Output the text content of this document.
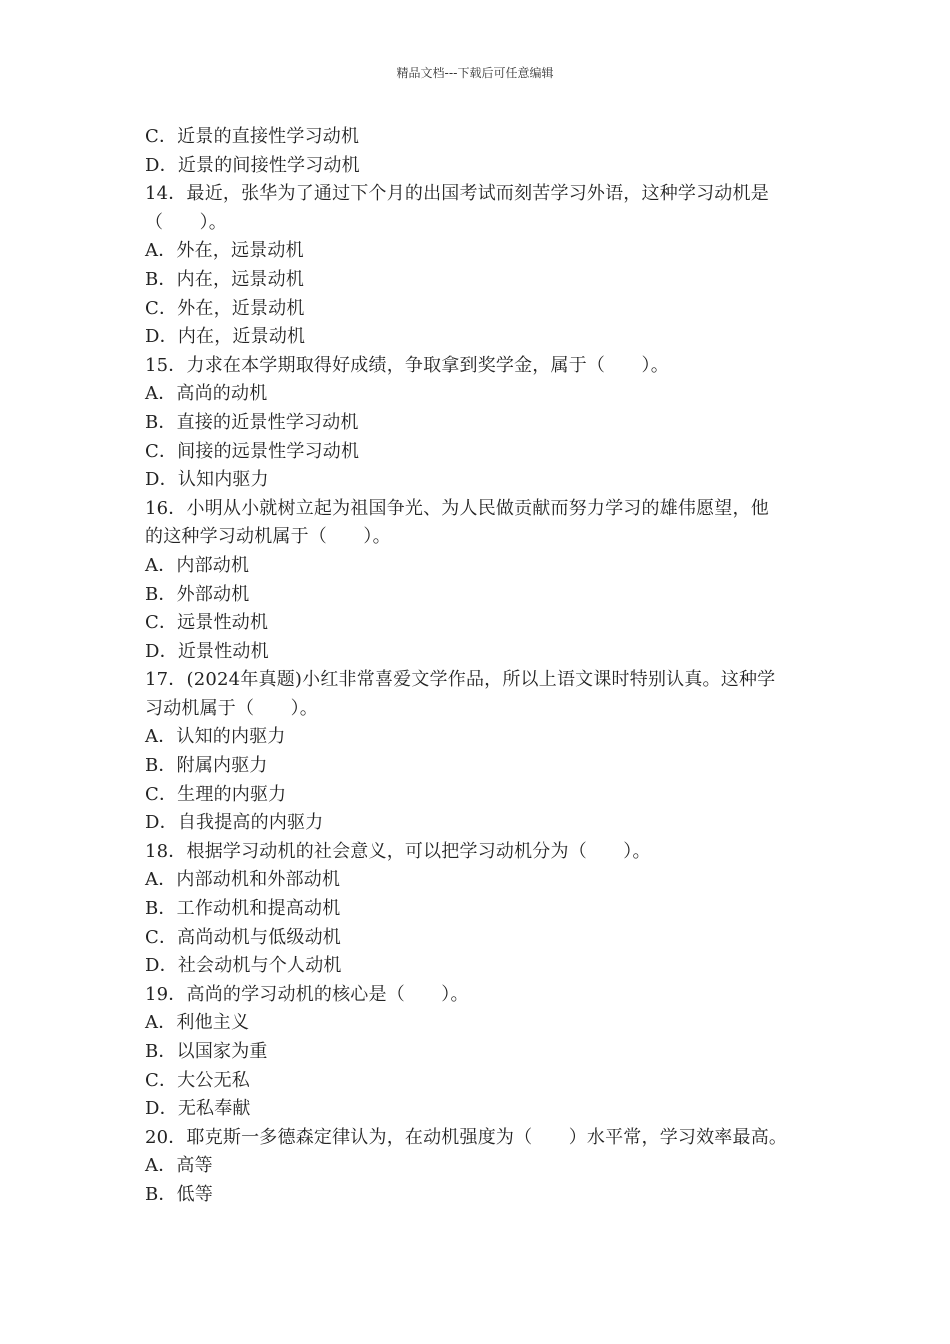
精品文档---下载后可任意编辑
C．近景的直接性学习动机
D．近景的间接性学习动机
14．最近，张华为了通过下个月的出国考试而刻苦学习外语，这种学习动机是
（　　）。
A．外在，远景动机
B．内在，远景动机
C．外在，近景动机
D．内在，近景动机
15．力求在本学期取得好成绩，争取拿到奖学金，属于（　　）。
A．高尚的动机
B．直接的近景性学习动机
C．间接的远景性学习动机
D．认知内驱力
16．小明从小就树立起为祖国争光、为人民做贡献而努力学习的雄伟愿望，他
的这种学习动机属于（　　）。
A．内部动机
B．外部动机
C．远景性动机
D．近景性动机
17．(2024年真题)小红非常喜爱文学作品，所以上语文课时特别认真。这种学
习动机属于（　　）。
A．认知的内驱力
B．附属内驱力
C．生理的内驱力
D．自我提高的内驱力
18．根据学习动机的社会意义，可以把学习动机分为（　　）。
A．内部动机和外部动机
B．工作动机和提高动机
C．高尚动机与低级动机
D．社会动机与个人动机
19．高尚的学习动机的核心是（　　）。
A．利他主义
B．以国家为重
C．大公无私
D．无私奉献
20．耶克斯一多德森定律认为，在动机强度为（　　）水平常，学习效率最高。
A．高等
B．低等
